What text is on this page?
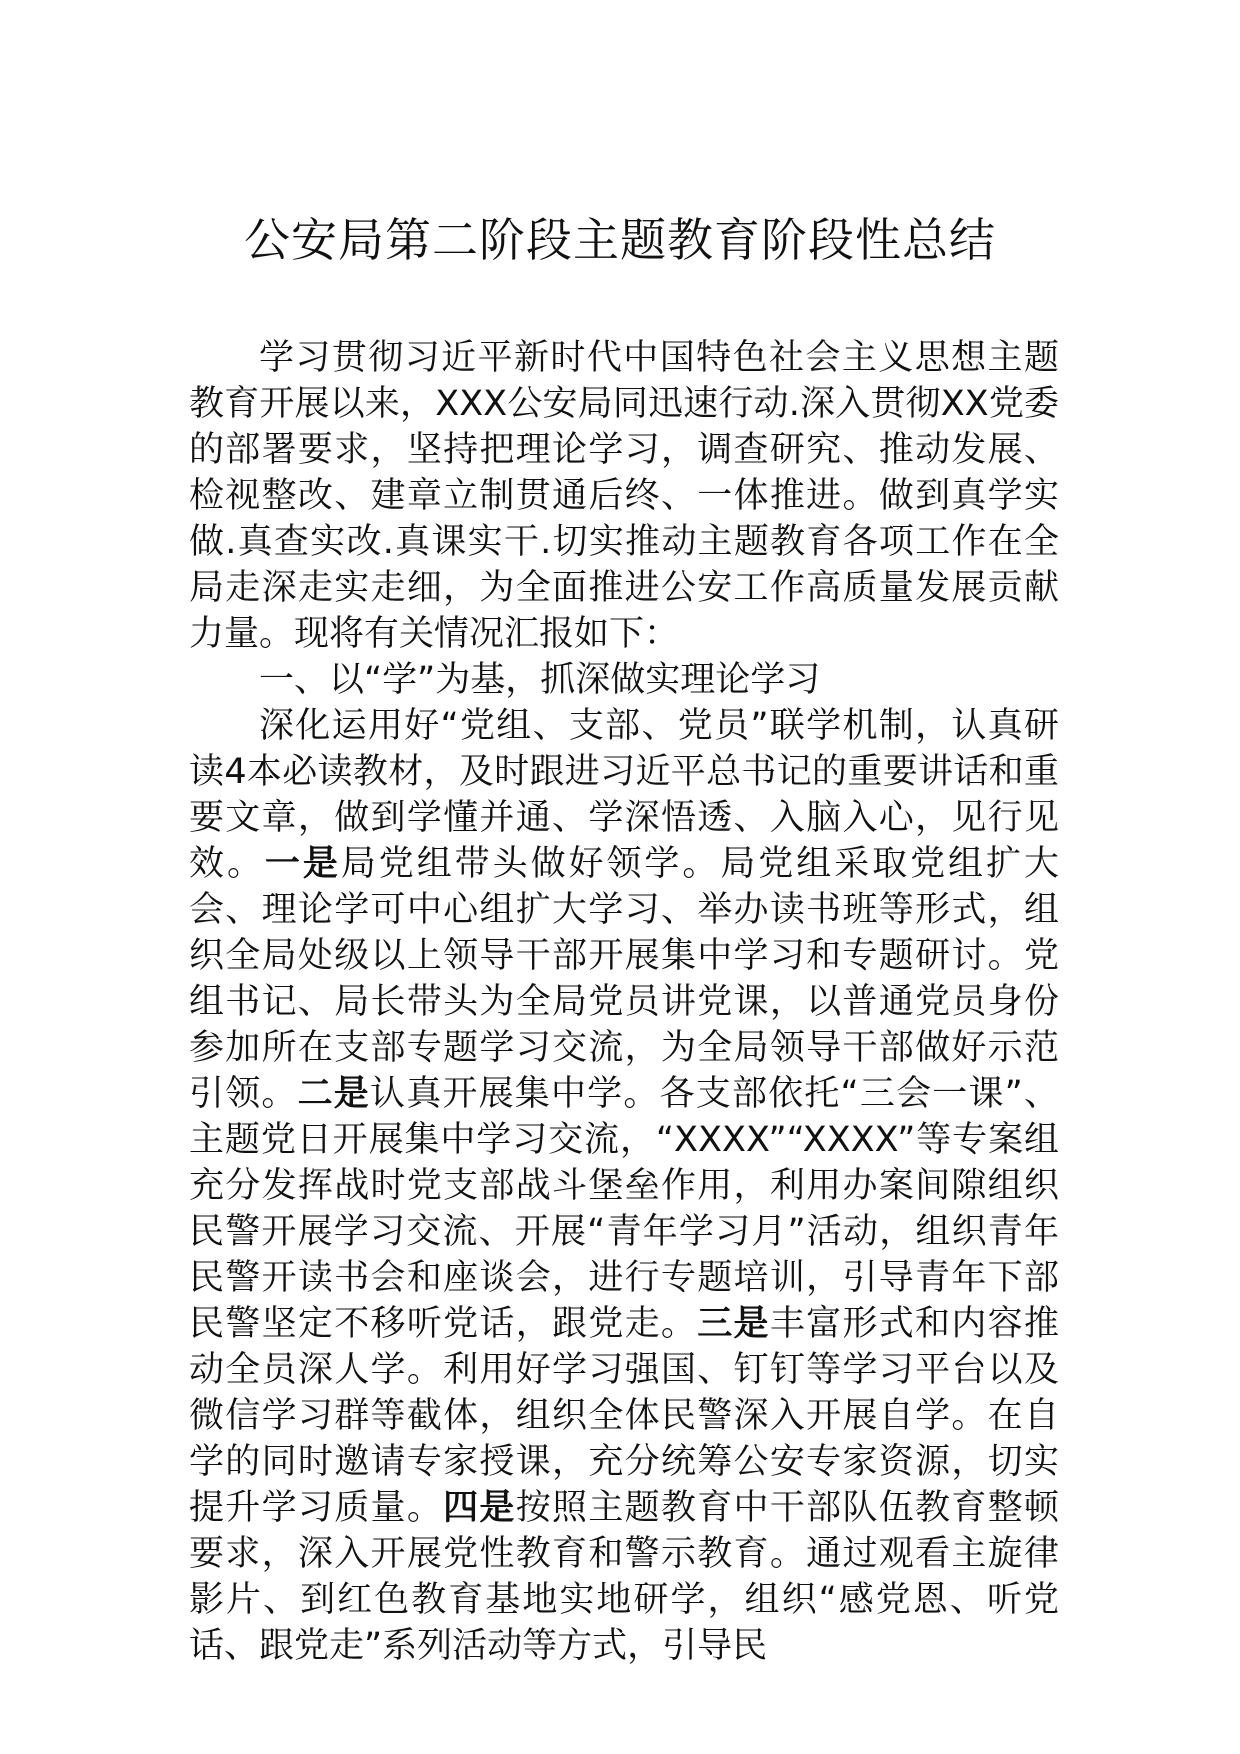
公安局第二阶段主题教育阶段性总结

学习贯彻习近平新时代中国特色社会主义思想主题教育开展以来，XXX公安局同迅速行动.深入贯彻XX党委的部署要求，坚持把理论学习，调查研究、推动发展、检视整改、建章立制贯通后终、一体推进。做到真学实做.真查实改.真课实干.切实推动主题教育各项工作在全局走深走实走细，为全面推进公安工作高质量发展贡献力量。现将有关情况汇报如下：

一、以“学”为基，抓深做实理论学习

深化运用好“党组、支部、党员”联学机制，认真研读4本必读教材，及时跟进习近平总书记的重要讲话和重要文章，做到学懂并通、学深悟透、入脑入心，见行见效。一是局党组带头做好领学。局党组采取党组扩大会、理论学可中心组扩大学习、举办读书班等形式，组织全局处级以上领导干部开展集中学习和专题研讨。党组书记、局长带头为全局党员讲党课，以普通党员身份参加所在支部专题学习交流，为全局领导干部做好示范引领。二是认真开展集中学。各支部依托“三会一课”、主题党日开展集中学习交流，“XXXX”“XXXX”等专案组充分发挥战时党支部战斗堡垒作用，利用办案间隙组织民警开展学习交流、开展“青年学习月”活动，组织青年民警开读书会和座谈会，进行专题培训，引导青年下部民警坚定不移听党话，跟党走。三是丰富形式和内容推动全员深人学。利用好学习强国、钉钉等学习平台以及微信学习群等截体，组织全体民警深入开展自学。在自学的同时邀请专家授课，充分统筹公安专家资源，切实提升学习质量。四是按照主题教育中干部队伍教育整顿要求，深入开展党性教育和警示教育。通过观看主旋律影片、到红色教育基地实地研学，组织“感党恩、听党话、跟党走”系列活动等方式，引导民
